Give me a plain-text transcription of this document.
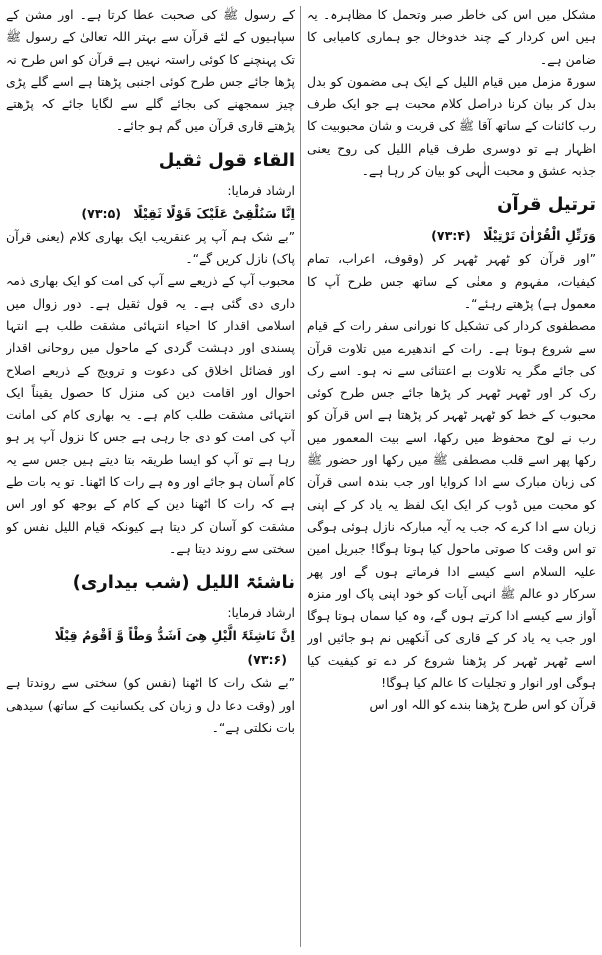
مشکل میں اس کی خاطر صبر وتحمل کا مظاہرہ۔ یہ ہیں اس کردار کے چند خدوخال جو ہماری کامیابی کا ضامن ہے۔

سورۃ مزمل میں قیام اللیل کے ایک ہی مضمون کو بدل بدل کر بیان کرنا دراصل کلام محبت ہے جو ایک طرف رب کائنات کے ساتھ آقا ﷺ کی قربت و شان محبوبیت کا اظہار ہے تو دوسری طرف قیام اللیل کی روح یعنی جذبہ عشق و محبت الٰہی کو بیان کر رہا ہے۔

ترتیل قرآن
وَرَتِّلِ الْقُرْاٰنَ تَرْتِیْلًا (۷۳:۴)

”اور قرآن کو ٹھہر ٹھہر کر (وقوف، اعراب، تمام کیفیات، مفہوم و معنٰی کے ساتھ جس طرح آپ کا معمول ہے) پڑھتے رہئے“۔

مصطفوی کردار کی تشکیل کا نورانی سفر رات کے قیام سے شروع ہوتا ہے۔ رات کے اندھیرے میں تلاوت قرآن کی جائے مگر یہ تلاوت بے اعتنائی سے نہ ہو۔ اسے رک رک کر اور ٹھہر ٹھہر کر پڑھا جائے جس طرح کوئی محبوب کے خط کو ٹھہر ٹھہر کر پڑھتا ہے اس قرآن کو رب نے لوح محفوظ میں رکھا، اسے بیت المعمور میں رکھا پھر اسے قلب مصطفی ﷺ میں رکھا اور حضور ﷺ کی زبان مبارک سے ادا کروایا اور جب بندہ اسی قرآن کو محبت میں ڈوب کر ایک ایک لفظ یہ یاد کر کے اپنی زبان سے ادا کرے کہ جب یہ آیہ مبارکہ نازل ہوئی ہوگی تو اس وقت کا صوتی ماحول کیا ہوتا ہوگا! جبریل امین علیہ السلام اسے کیسے ادا فرماتے ہوں گے اور پھر سرکار دو عالم ﷺ انہی آیات کو خود اپنی پاک اور منزہ آواز سے کیسے ادا کرتے ہوں گے، وہ کیا سماں ہوتا ہوگا اور جب یہ یاد کر کے قاری کی آنکھیں نم ہو جائیں اور اسے ٹھہر ٹھہر کر پڑھنا شروع کر دے تو کیفیت کیا ہوگی اور انوار و تجلیات کا عالم کیا ہوگا!

قرآن کو اس طرح پڑھنا بندے کو اللہ اور اس

کے رسول ﷺ کی صحبت عطا کرتا ہے۔ اور مشن کے سپاہیوں کے لئے قرآن سے بہتر اللہ تعالیٰ کے رسول ﷺ تک پہنچنے کا کوئی راستہ نہیں ہے قرآن کو اس طرح نہ پڑھا جائے جس طرح کوئی اجنبی پڑھتا ہے اسے گلے پڑی چیز سمجھنے کی بجائے گلے سے لگایا جائے کہ پڑھتے پڑھتے قاری قرآن میں گم ہو جائے۔

القاء قول ثقیل

ارشاد فرمایا:

اِنَّا سَنُلْقِیْ عَلَیْکَ قَوْلًا ثَقِیْلًا (۷۳:۵)

”بے شک ہم آپ پر عنقریب ایک بھاری کلام (یعنی قرآن پاک) نازل کریں گے“۔

محبوب آپ کے ذریعے سے آپ کی امت کو ایک بھاری ذمہ داری دی گئی ہے۔ یہ قول ثقیل ہے۔ دور زوال میں اسلامی اقدار کا احیاء انتہائی مشقت طلب ہے انتہا پسندی اور دہشت گردی کے ماحول میں روحانی اقدار اور فضائل اخلاق کی دعوت و ترویج کے ذریعے اصلاح احوال اور اقامت دین کی منزل کا حصول یقیناً ایک انتہائی مشقت طلب کام ہے۔ یہ بھاری کام کی امانت آپ کی امت کو دی جا رہی ہے جس کا نزول آپ پر ہو رہا ہے تو آپ کو ایسا طریقہ بتا دیتے ہیں جس سے یہ کام آسان ہو جائے اور وہ ہے رات کا اٹھنا۔ تو یہ بات طے ہے کہ رات کا اٹھنا دین کے کام کے بوجھ کو اور اس مشقت کو آسان کر دیتا ہے کیونکہ قیام اللیل نفس کو سختی سے روند دیتا ہے۔

ناشئۃ اللیل (شب بیداری)

ارشاد فرمایا:

اِنَّ نَاشِئَۃَ الَّیْلِ ھِیَ اَشَدُّ وَطْاً وَّ اَقْوَمُ قِیْلًا (۷۳:۶)

”بے شک رات کا اٹھنا (نفس کو) سختی سے روندتا ہے اور (وقت دعا دل و زبان کی یکسانیت کے ساتھ) سیدھی بات نکلتی ہے“۔
